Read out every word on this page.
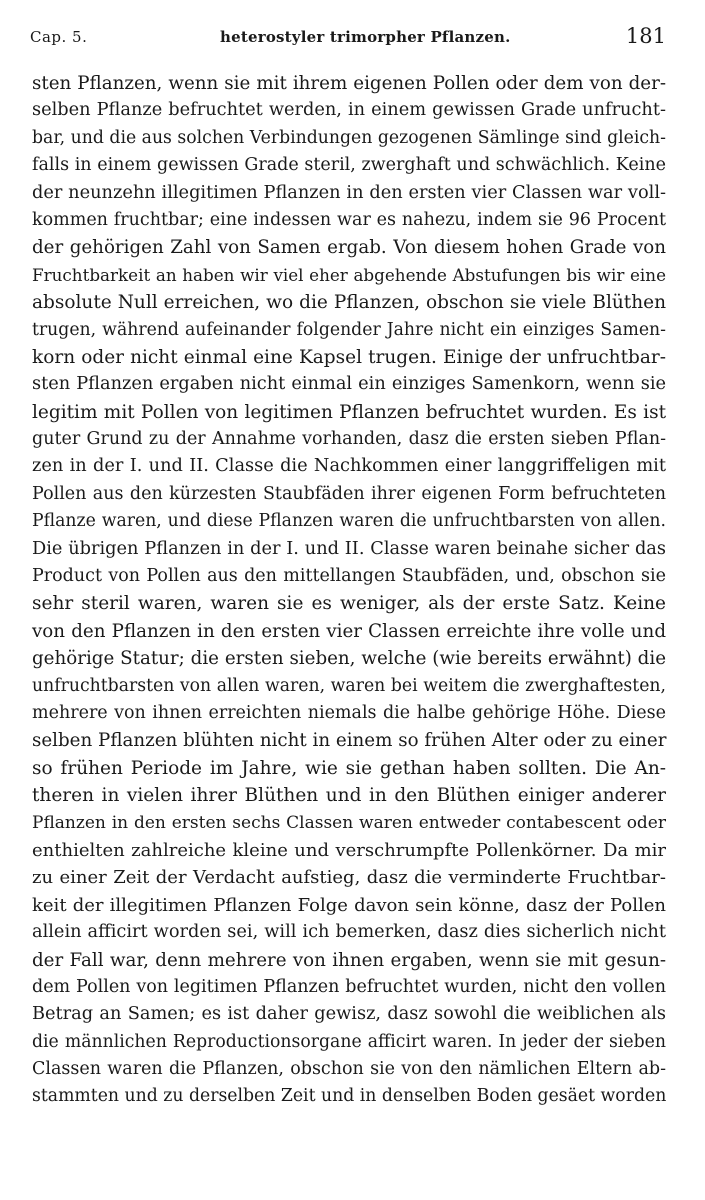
Cap. 5.	heterostyler trimorpher Pflanzen.	181
sten Pflanzen, wenn sie mit ihrem eigenen Pollen oder dem von der-
selben Pflanze befruchtet werden, in einem gewissen Grade unfrucht-
bar, und die aus solchen Verbindungen gezogenen Sämlinge sind gleich-
falls in einem gewissen Grade steril, zwerghaft und schwächlich. Keine
der neunzehn illegitimen Pflanzen in den ersten vier Classen war voll-
kommen fruchtbar; eine indessen war es nahezu, indem sie 96 Procent
der gehörigen Zahl von Samen ergab. Von diesem hohen Grade von
Fruchtbarkeit an haben wir viel eher abgehende Abstufungen bis wir eine
absolute Null erreichen, wo die Pflanzen, obschon sie viele Blüthen
trugen, während aufeinander folgender Jahre nicht ein einziges Samen-
korn oder nicht einmal eine Kapsel trugen. Einige der unfruchtbar-
sten Pflanzen ergaben nicht einmal ein einziges Samenkorn, wenn sie
legitim mit Pollen von legitimen Pflanzen befruchtet wurden. Es ist
guter Grund zu der Annahme vorhanden, dasz die ersten sieben Pflan-
zen in der I. und II. Classe die Nachkommen einer langgriffeligen mit
Pollen aus den kürzesten Staubfäden ihrer eigenen Form befruchteten
Pflanze waren, und diese Pflanzen waren die unfruchtbarsten von allen.
Die übrigen Pflanzen in der I. und II. Classe waren beinahe sicher das
Product von Pollen aus den mittellangen Staubfäden, und, obschon sie
sehr steril waren, waren sie es weniger, als der erste Satz. Keine
von den Pflanzen in den ersten vier Classen erreichte ihre volle und
gehörige Statur; die ersten sieben, welche (wie bereits erwähnt) die
unfruchtbarsten von allen waren, waren bei weitem die zwerghaftesten,
mehrere von ihnen erreichten niemals die halbe gehörige Höhe. Diese
selben Pflanzen blühten nicht in einem so frühen Alter oder zu einer
so frühen Periode im Jahre, wie sie gethan haben sollten. Die An-
theren in vielen ihrer Blüthen und in den Blüthen einiger anderer
Pflanzen in den ersten sechs Classen waren entweder contabescent oder
enthielten zahlreiche kleine und verschrumpfte Pollenkörner. Da mir
zu einer Zeit der Verdacht aufstieg, dasz die verminderte Fruchtbar-
keit der illegitimen Pflanzen Folge davon sein könne, dasz der Pollen
allein afficirt worden sei, will ich bemerken, dasz dies sicherlich nicht
der Fall war, denn mehrere von ihnen ergaben, wenn sie mit gesun-
dem Pollen von legitimen Pflanzen befruchtet wurden, nicht den vollen
Betrag an Samen; es ist daher gewisz, dasz sowohl die weiblichen als
die männlichen Reproductionsorgane afficirt waren. In jeder der sieben
Classen waren die Pflanzen, obschon sie von den nämlichen Eltern ab-
stammten und zu derselben Zeit und in denselben Boden gesäet worden
